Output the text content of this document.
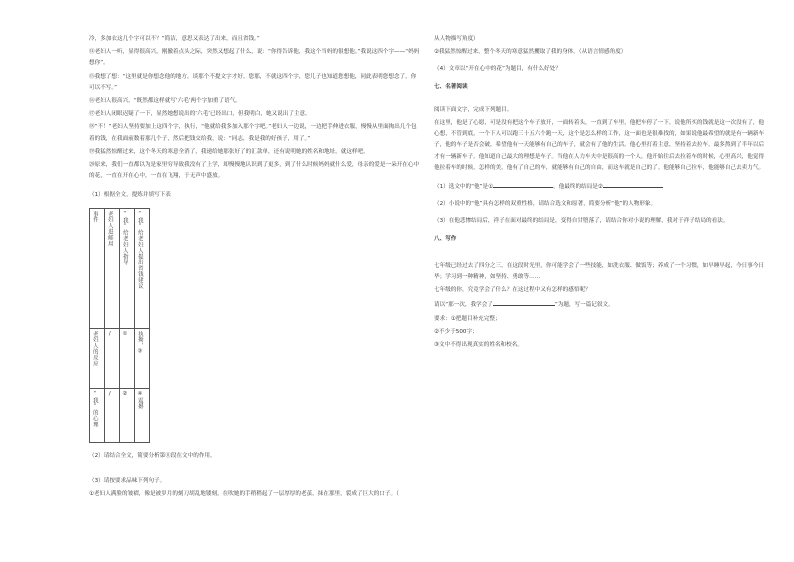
冷，多加衣这几个字可以不？”简洁，意思又表达了出来，而且省钱。”

⑭老妇人一听，显得很高兴，刚撤着点头之际，突然又想起了什么，说：“你得告诉他，我这个当妈的很想他。”我说这四个字——“妈妈想你”。

⑮我想了想：“这里就是你想念他的地方，谈那个不提文字才好。您那，不就这四个字，您儿子也知道您想他，同此表明您想念了，你可以不写。”

⑯老妇人很高兴，“既然都这样就写‘六毛’两个字加重了语气。

⑰老妇人闭眼迟疑了一下，显然她想说出的‘六毛’已经出口，但我明白，她又说出了主意。

⑱“不！”老妇人坚持要加上这四个字，执行，“他就给我多加入那个字吧。”老妇人一边说，一边把手伸进衣服，慢慢从里面掏出几个包着的钱，在我面前数着那几个子，然后把钱交给我，说：“同志，我是我的好孩子，用了。”

⑲我猛然惊醒过来，这个冬天的寒意全消了，我递给她那张好了的汇款单，还有说明她的姓名和地址，就这样吧。

⑳原来，我们一直都以为是家里穷导致我没有了上学，却慢慢地认识到了更多，到了什么时候妈妈就什么爱，母亲的爱是一朵开在心中的花，一直在开在心中，一直在飞翔，于无声中盛放。

（1）根据全文，提炼并填写下表

事件	老妇人进邮局	“我”给老妇人指导	“我”给老妇人提出省钱建议
老妇人的反应	/	①	执拗，③
“我”的心理	/	②	④震撼

（2）请结合全文，简要分析第⑪段在文中的作用。

（3）请按要求品味下列句子。

①老妇人满脸的皱褶，像是被岁月的刻刀胡乱地镂刻，在吹她的手稍稍起了一层厚厚的老茧，抹在那里，裂成了巨大的口子。（

从人物描写角度）

②我猛然惊醒过来，整个冬天的寒意猛然攫取了我的身体。（从语言情感角度）

（4）文章以“开在心中的花”为题目，有什么好处？

七、名著阅读

阅读下面文字，完成下列题目。

在这里，他是了心愿，可是没有把这个车子放开，一面转着头，一直到了车里，他把车停了一下，说他所买的钱就是这一次没有了，他心想，不管到底，一个下人可以跑三十五六个跑一天，这个是怎么样的工作，这一面也是很难找的，如果说他最希望的就是有一辆新车子，他的车子是否会破，希望他有一天能够有自己的车子，就会有了他的生活。他心里打着主意，坚持着去拉车，最多熬到了半年以后才有一辆新车子。他知道自己最大的理想是车子。当他在人力车夫中是很高的一个人，他开始往后去拉着车的时候，心里高兴，他觉得他拉着车的时候，怎样的美，他有了自己的车，就能够有自己的自由，而这车就是自己的了。他能够自己拉车，他能够自己去卖力气。

（1）选文中的“他”是①	，他最终的结局是②

（2）小说中的“他”具有怎样的双重性格，请结合选文和原著，简要分析“他”的人物形象。

（3）在他悲惨结局后，祥子在面对最终的结局是，变得自甘堕落了，请结合你对小说的理解，我对于祥子结局的看法。

八、写作

七年级已经过去了四分之三，在这段时光里，你可能学会了一些技能，如洗衣服、做饭等；养成了一个习惯，如早睡早起，今日事今日毕；学习到一种精神，如坚持、勇敢等……

七年级的你，究竟学会了什么？在这过程中又有怎样的感悟呢？

请以“那一次，我学会了	”为题，写一篇记叙文。

要求：①把题目补充完整；

②不少于500字；

③文中不得出现真实的姓名和校名。
